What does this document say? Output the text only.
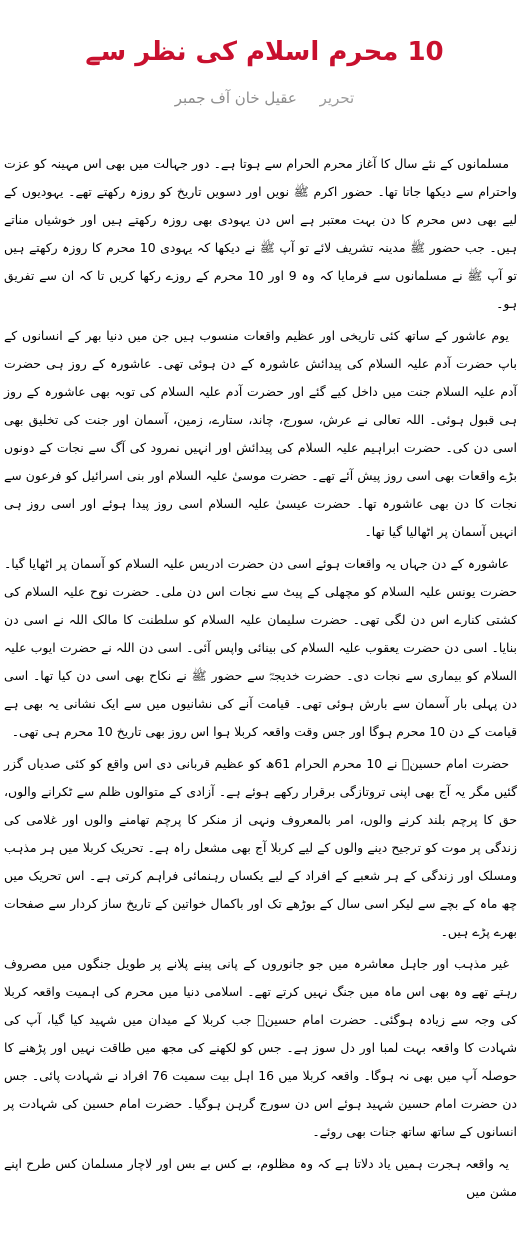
10 محرم اسلام کی نظر سے
تحریر عقیل خان آف جمبر

مسلمانوں کے نئے سال کا آغاز محرم الحرام سے ہوتا ہے۔ دور جہالت میں بھی اس مہینہ کو عزت واحترام سے دیکھا جاتا تھا۔ حضور اکرم ﷺ نویں اور دسویں تاریخ کو روزہ رکھتے تھے۔ یہودیوں کے لیے بھی دس محرم کا دن بہت معتبر ہے اس دن یہودی بھی روزہ رکھتے ہیں اور خوشیاں مناتے ہیں۔ جب حضور ﷺ مدینہ تشریف لائے تو آپ ﷺ نے دیکھا کہ یہودی 10 محرم کا روزہ رکھتے ہیں تو آپ ﷺ نے مسلمانوں سے فرمایا کہ وہ 9 اور 10 محرم کے روزے رکھا کریں تا کہ ان سے تفریق ہو۔

یوم عاشور کے ساتھ کئی تاریخی اور عظیم واقعات منسوب ہیں جن میں دنیا بھر کے انسانوں کے باپ حضرت آدم علیہ السلام کی پیدائش عاشورہ کے دن ہوئی تھی۔ عاشورہ کے روز ہی حضرت آدم علیہ السلام جنت میں داخل کیے گئے اور حضرت آدم علیہ السلام کی توبہ بھی عاشورہ کے روز ہی قبول ہوئی۔ اللہ تعالی نے عرش، سورج، چاند، ستارے، زمین، آسمان اور جنت کی تخلیق بھی اسی دن کی۔ حضرت ابراہیم علیہ السلام کی پیدائش اور انہیں نمرود کی آگ سے نجات کے دونوں بڑے واقعات بھی اسی روز پیش آئے تھے۔ حضرت موسیٰ علیہ السلام اور بنی اسرائیل کو فرعون سے نجات کا دن بھی عاشورہ تھا۔ حضرت عیسیٰ علیہ السلام اسی روز پیدا ہوئے اور اسی روز ہی انہیں آسمان پر اٹھالیا گیا تھا۔

عاشورہ کے دن جہاں یہ واقعات ہوئے اسی دن حضرت ادریس علیہ السلام کو آسمان پر اٹھایا گیا۔ حضرت یونس علیہ السلام کو مچھلی کے پیٹ سے نجات اس دن ملی۔ حضرت نوح علیہ السلام کی کشتی کنارے اس دن لگی تھی۔ حضرت سلیمان علیہ السلام کو سلطنت کا مالک اللہ نے اسی دن بنایا۔ اسی دن حضرت یعقوب علیہ السلام کی بینائی واپس آئی۔ اسی دن اللہ نے حضرت ایوب علیہ السلام کو بیماری سے نجات دی۔ حضرت خدیجہؓ سے حضور ﷺ نے نکاح بھی اسی دن کیا تھا۔ اسی دن پہلی بار آسمان سے بارش ہوئی تھی۔ قیامت آنے کی نشانیوں میں سے ایک نشانی یہ بھی ہے قیامت کے دن 10 محرم ہوگا اور جس وقت واقعہ کربلا ہوا اس روز بھی تاریخ 10 محرم ہی تھی۔

حضرت امام حسینؓ نے 10 محرم الحرام 61ھ کو عظیم قربانی دی اس واقع کو کئی صدیاں گزر گئیں مگر یہ آج بھی اپنی تروتازگی برقرار رکھے ہوئے ہے۔ آزادی کے متوالوں ظلم سے ٹکرانے والوں، حق کا پرچم بلند کرنے والوں، امر بالمعروف ونہی از منکر کا پرچم تھامنے والوں اور غلامی کی زندگی پر موت کو ترجیح دینے والوں کے لیے کربلا آج بھی مشعل راہ ہے۔ تحریک کربلا میں ہر مذہب ومسلک اور زندگی کے ہر شعبے کے افراد کے لیے یکساں رہنمائی فراہم کرتی ہے۔ اس تحریک میں چھ ماہ کے بچے سے لیکر اسی سال کے بوڑھے تک اور باکمال خواتین کے تاریخ ساز کردار سے صفحات بھرے پڑے ہیں۔

غیر مذہب اور جاہل معاشرہ میں جو جانوروں کے پانی پینے پلانے پر طویل جنگوں میں مصروف رہتے تھے وہ بھی اس ماہ میں جنگ نہیں کرتے تھے۔ اسلامی دنیا میں محرم کی اہمیت واقعہ کربلا کی وجہ سے زیادہ ہوگئی۔ حضرت امام حسینؓ جب کربلا کے میدان میں شہید کیا گیا، آپ کی شہادت کا واقعہ بہت لمبا اور دل سوز ہے۔ جس کو لکھنے کی مجھ میں طاقت نہیں اور پڑھنے کا حوصلہ آپ میں بھی نہ ہوگا۔ واقعہ کربلا میں 16 اہل بیت سمیت 76 افراد نے شہادت پائی۔ جس دن حضرت امام حسین شہید ہوئے اس دن سورج گرہن ہوگیا۔ حضرت امام حسین کی شہادت پر انسانوں کے ساتھ ساتھ جنات بھی روئے۔

یہ واقعہ ہجرت ہمیں یاد دلاتا ہے کہ وہ مظلوم، بے کس بے بس اور لاچار مسلمان کس طرح اپنے مشن میں
